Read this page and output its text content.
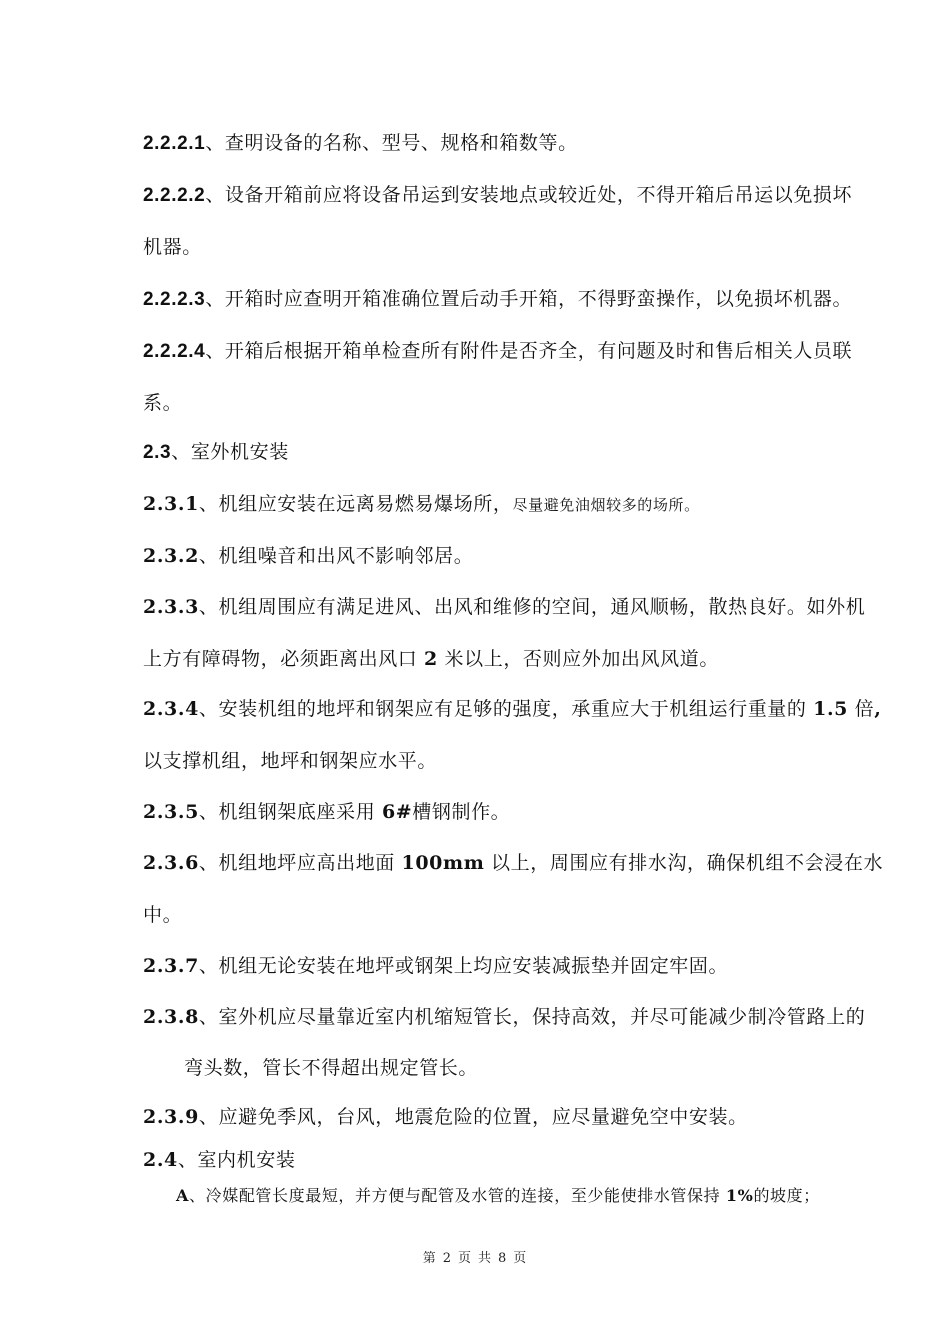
2.2.2.1、查明设备的名称、型号、规格和箱数等。
2.2.2.2、设备开箱前应将设备吊运到安装地点或较近处，不得开箱后吊运以免损坏
机器。
2.2.2.3、开箱时应查明开箱准确位置后动手开箱，不得野蛮操作，以免损坏机器。
2.2.2.4、开箱后根据开箱单检查所有附件是否齐全，有问题及时和售后相关人员联
系。
2.3、室外机安装
2.3.1、机组应安装在远离易燃易爆场所，尽量避免油烟较多的场所。
2.3.2、机组噪音和出风不影响邻居。
2.3.3、机组周围应有满足进风、出风和维修的空间，通风顺畅，散热良好。如外机
上方有障碍物，必须距离出风口 2 米以上，否则应外加出风风道。
2.3.4、安装机组的地坪和钢架应有足够的强度，承重应大于机组运行重量的 1.5 倍,
以支撑机组，地坪和钢架应水平。
2.3.5、机组钢架底座采用 6#槽钢制作。
2.3.6、机组地坪应高出地面 100mm 以上，周围应有排水沟，确保机组不会浸在水
中。
2.3.7、机组无论安装在地坪或钢架上均应安装减振垫并固定牢固。
2.3.8、室外机应尽量靠近室内机缩短管长，保持高效，并尽可能减少制冷管路上的
弯头数，管长不得超出规定管长。
2.3.9、应避免季风，台风，地震危险的位置，应尽量避免空中安装。
2.4、室内机安装
A、冷媒配管长度最短，并方便与配管及水管的连接，至少能使排水管保持 1%的坡度；
第 2 页 共 8 页
